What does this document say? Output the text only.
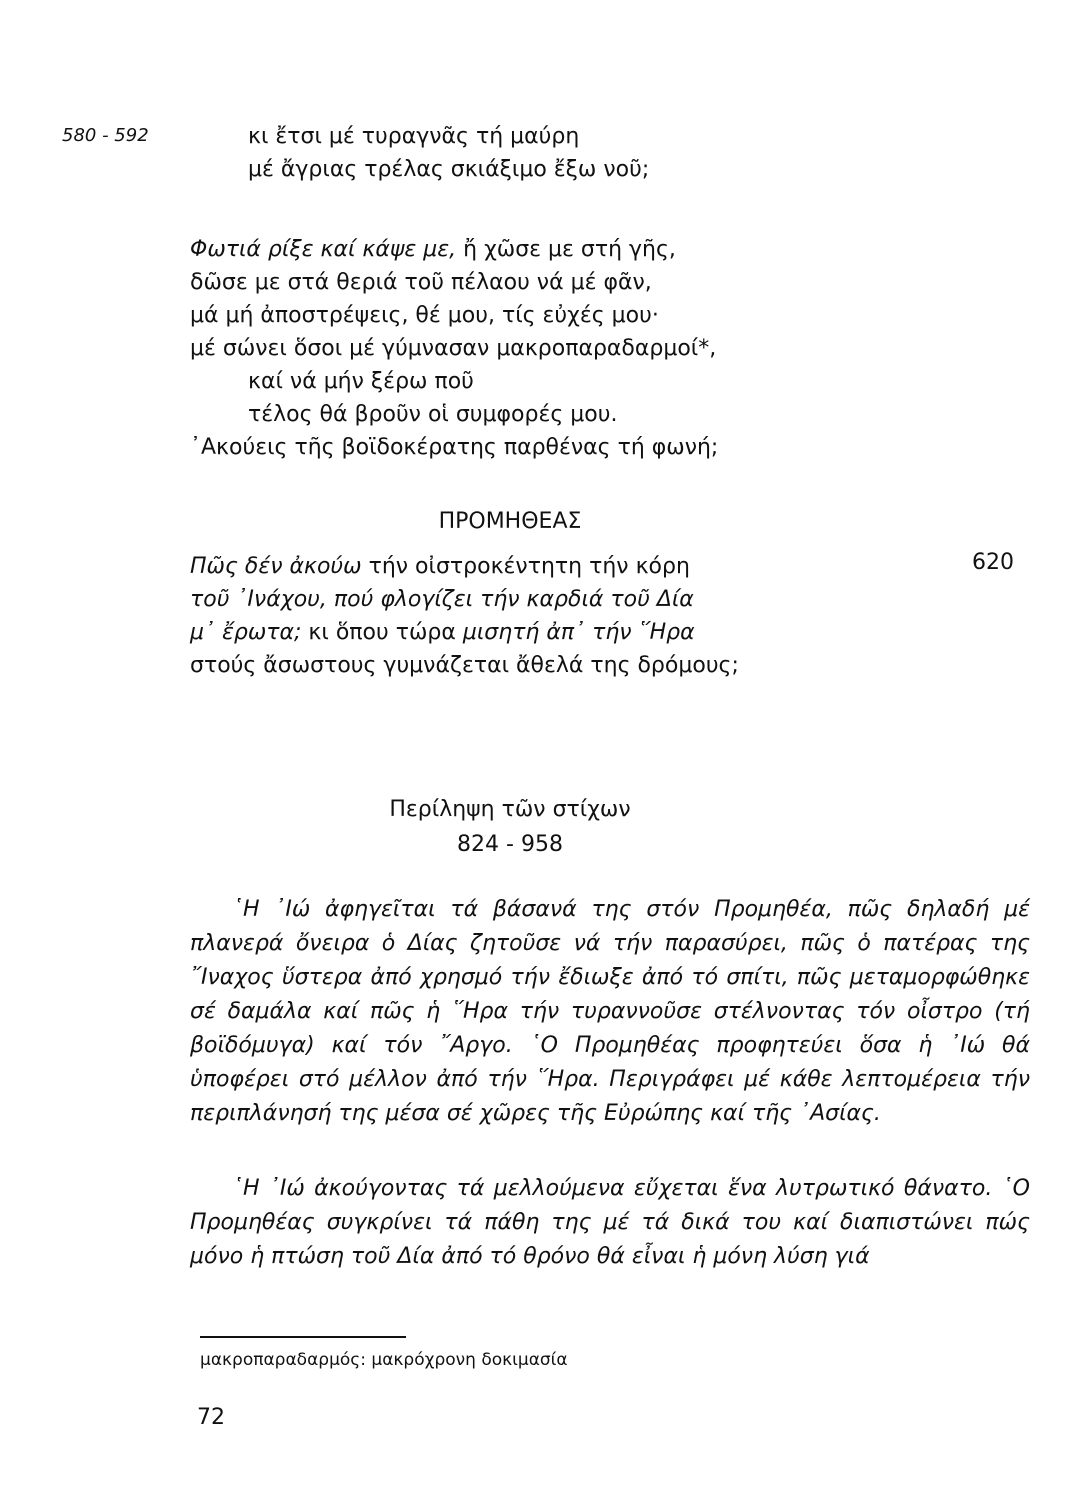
580 - 592	κι ἔτσι μέ τυραγνᾶς τή μαύρη
μέ ἄγριας τρέλας σκιάξιμο ἔξω νοῦ;
Φωτιά ρίξε καί κάψε με, ἤ χῶσε με στή γῆς,
δῶσε με στά θεριά τοῦ πέλαου νά μέ φᾶν,
μά μή ἀποστρέψεις, θέ μου, τίς εὐχές μου·
μέ σώνει ὅσοι μέ γύμνασαν μακροπαραδαρμοί*,
καί νά μήν ξέρω ποῦ
τέλος θά βροῦν οἱ συμφορές μου.
᾿Ακούεις τῆς βοϊδοκέρατης παρθένας τή φωνή;
ΠΡΟΜΗΘΕΑΣ
Πῶς δέν ἀκούω τήν οἰστροκέντητη τήν κόρη
τοῦ ᾿Ινάχου, πού φλογίζει τήν καρδιά τοῦ Δία
μ᾿ ἔρωτα; κι ὅπου τώρα μισητή ἀπ᾿ τήν ῞Ηρα
στούς ἄσωστους γυμνάζεται ἄθελά της δρόμους;
620
Περίληψη τῶν στίχων
824 - 958

῾Η ᾿Ιώ ἀφηγεῖται τά βάσανά της στόν Προμηθέα, πῶς δηλαδή μέ πλανερά ὄνειρα ὁ Δίας ζητοῦσε νά τήν παρασύρει, πῶς ὁ πατέρας της ῎Ιναχος ὕστερα ἀπό χρησμό τήν ἔδιωξε ἀπό τό σπίτι, πῶς μεταμορφώθηκε σέ δαμάλα καί πῶς ἡ ῞Ηρα τήν τυραννοῦσε στέλνοντας τόν οἶστρο (τή βοϊδόμυγα) καί τόν ῎Αργο. ῾Ο Προμηθέας προφητεύει ὅσα ἡ ᾿Ιώ θά ὑποφέρει στό μέλλον ἀπό τήν ῞Ηρα. Περιγράφει μέ κάθε λεπτομέρεια τήν περιπλάνησή της μέσα σέ χῶρες τῆς Εὐρώπης καί τῆς ᾿Ασίας.

῾Η ᾿Ιώ ἀκούγοντας τά μελλούμενα εὔχεται ἕνα λυτρωτικό θάνατο. ῾Ο Προμηθέας συγκρίνει τά πάθη της μέ τά δικά του καί διαπιστώνει πώς μόνο ἡ πτώση τοῦ Δία ἀπό τό θρόνο θά εἶναι ἡ μόνη λύση γιά

μακροπαραδαρμός: μακρόχρονη δοκιμασία
72
